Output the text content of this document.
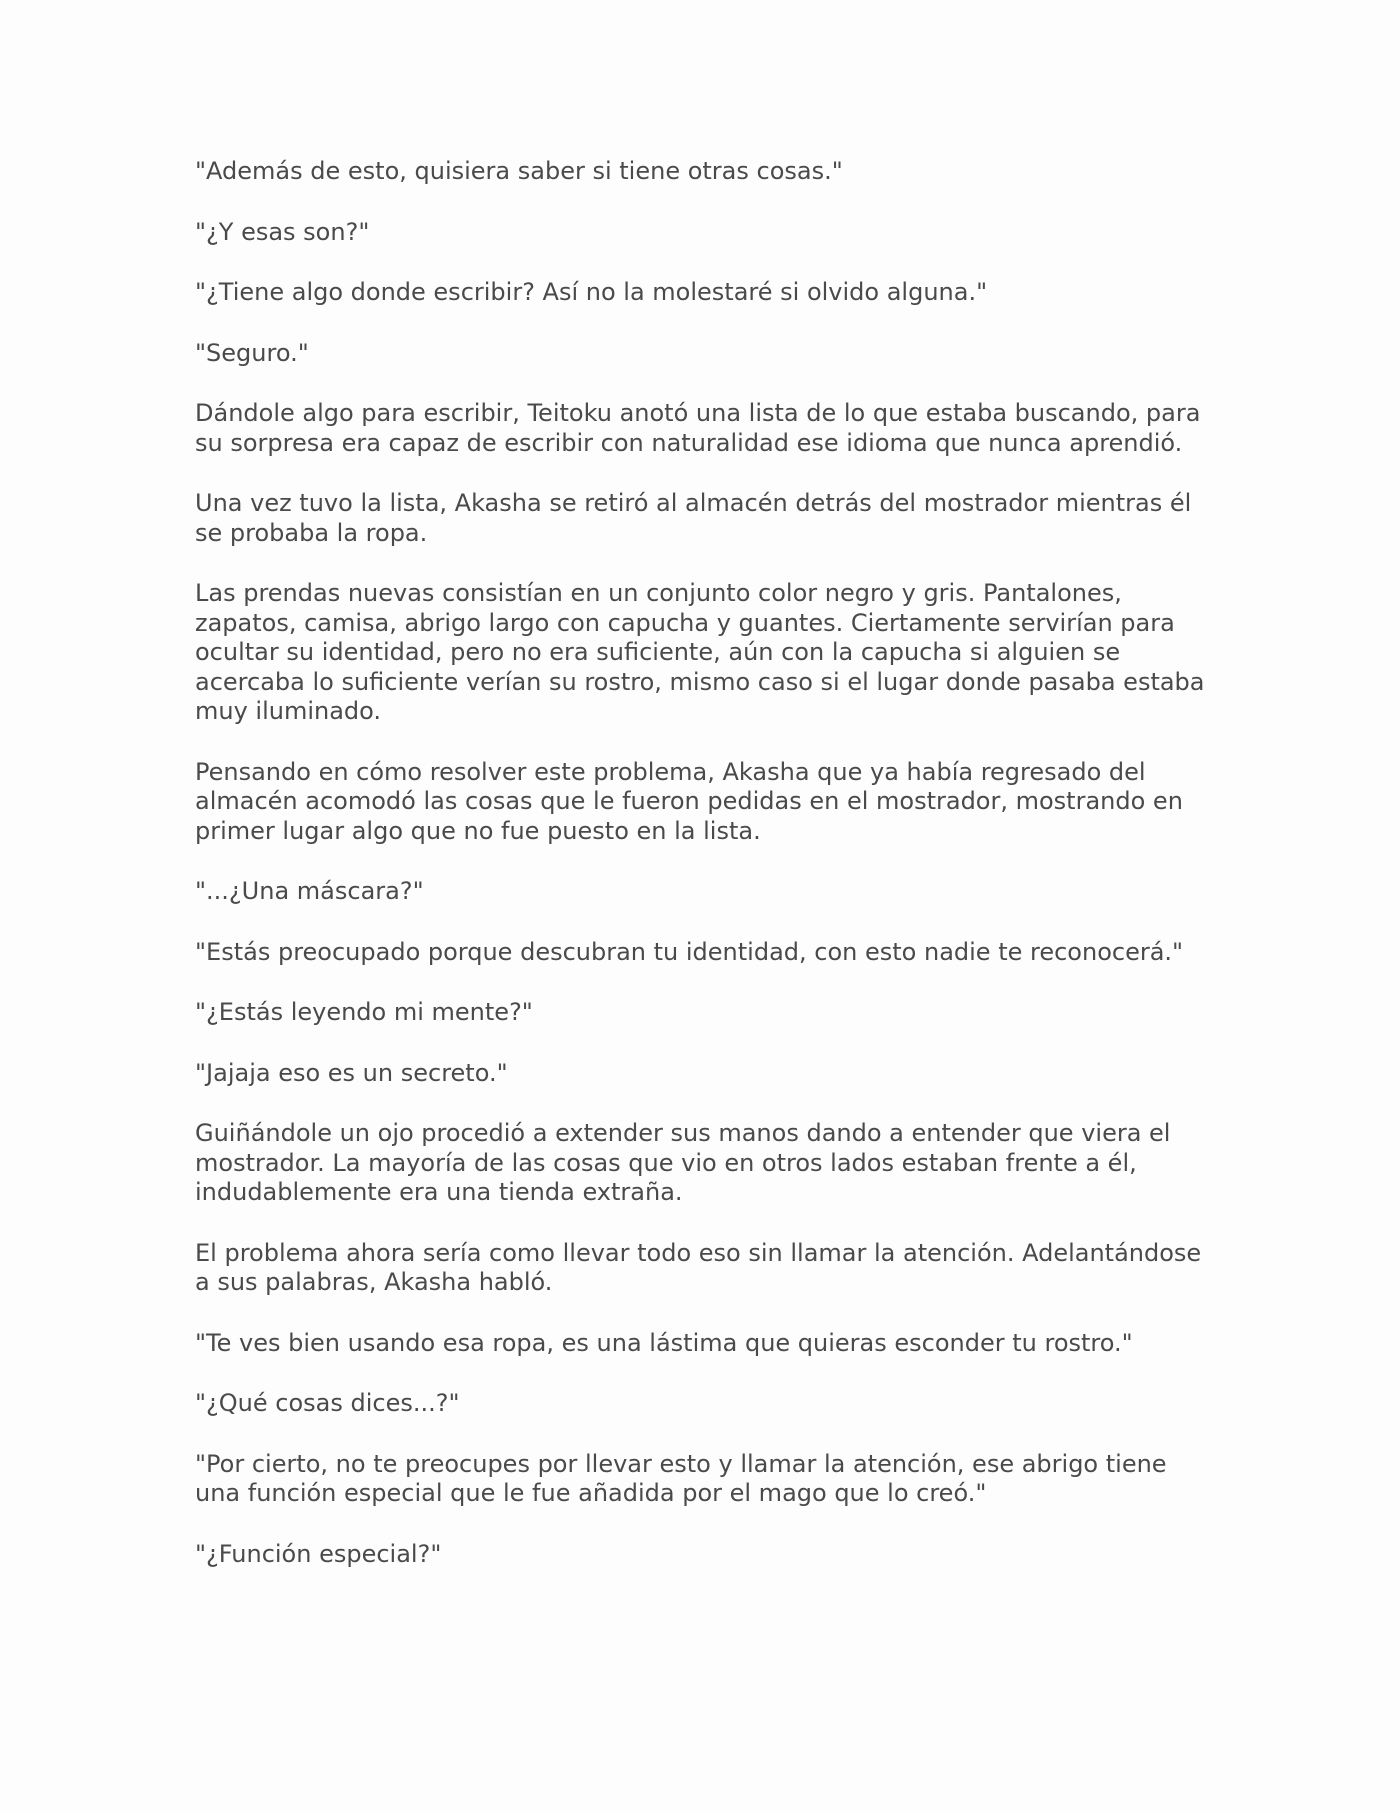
"Además de esto, quisiera saber si tiene otras cosas."

"¿Y esas son?"

"¿Tiene algo donde escribir? Así no la molestaré si olvido alguna."

"Seguro."

Dándole algo para escribir, Teitoku anotó una lista de lo que estaba buscando, para su sorpresa era capaz de escribir con naturalidad ese idioma que nunca aprendió.

Una vez tuvo la lista, Akasha se retiró al almacén detrás del mostrador mientras él se probaba la ropa.

Las prendas nuevas consistían en un conjunto color negro y gris. Pantalones, zapatos, camisa, abrigo largo con capucha y guantes. Ciertamente servirían para ocultar su identidad, pero no era suficiente, aún con la capucha si alguien se acercaba lo suficiente verían su rostro, mismo caso si el lugar donde pasaba estaba muy iluminado.

Pensando en cómo resolver este problema, Akasha que ya había regresado del almacén acomodó las cosas que le fueron pedidas en el mostrador, mostrando en primer lugar algo que no fue puesto en la lista.

"...¿Una máscara?"

"Estás preocupado porque descubran tu identidad, con esto nadie te reconocerá."

"¿Estás leyendo mi mente?"

"Jajaja eso es un secreto."

Guiñándole un ojo procedió a extender sus manos dando a entender que viera el mostrador. La mayoría de las cosas que vio en otros lados estaban frente a él, indudablemente era una tienda extraña.

El problema ahora sería como llevar todo eso sin llamar la atención. Adelantándose a sus palabras, Akasha habló.

"Te ves bien usando esa ropa, es una lástima que quieras esconder tu rostro."

"¿Qué cosas dices...?"

"Por cierto, no te preocupes por llevar esto y llamar la atención, ese abrigo tiene una función especial que le fue añadida por el mago que lo creó."

"¿Función especial?"
